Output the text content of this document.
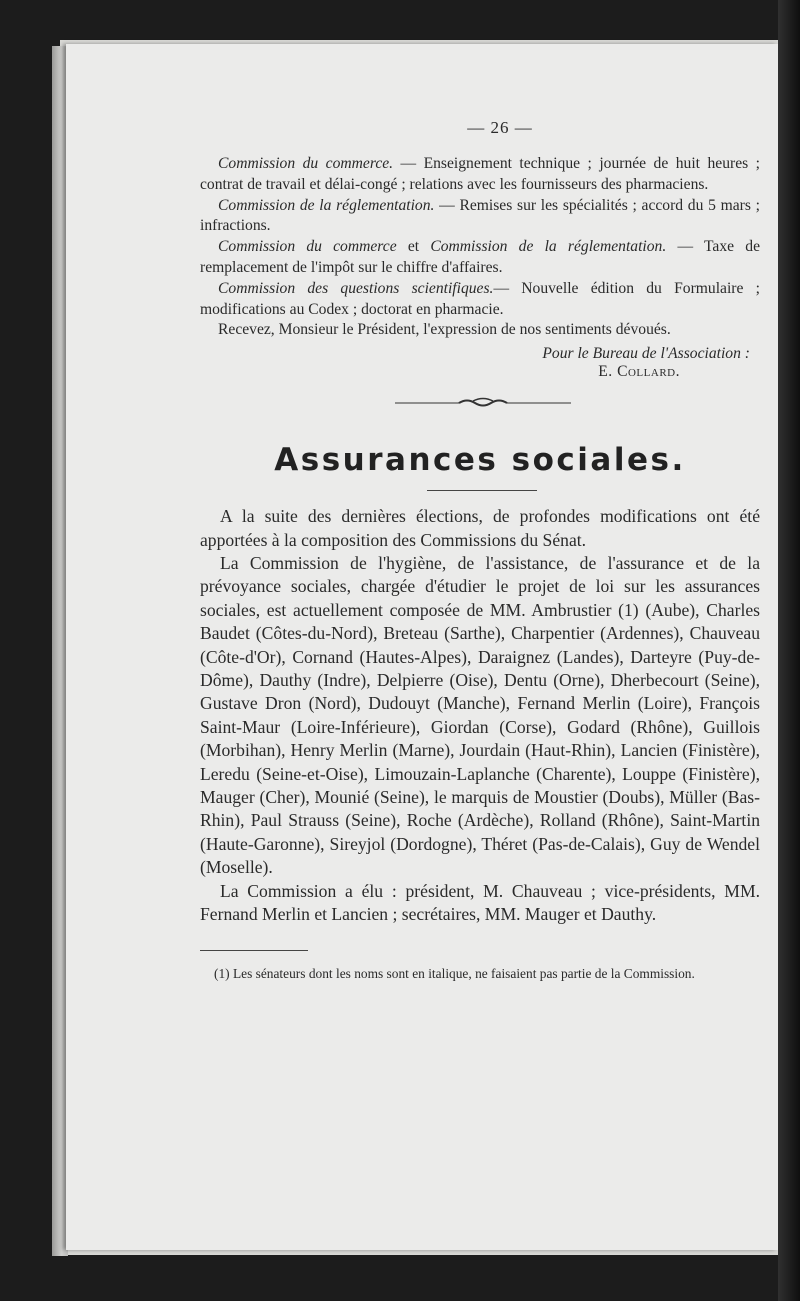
— 26 —

Commission du commerce. — Enseignement technique ; journée de huit heures ; contrat de travail et délai-congé ; relations avec les fournisseurs des pharmaciens.

Commission de la réglementation. — Remises sur les spécialités ; accord du 5 mars ; infractions.

Commission du commerce et Commission de la réglementation. — Taxe de remplacement de l'impôt sur le chiffre d'affaires.

Commission des questions scientifiques.— Nouvelle édition du Formulaire ; modifications au Codex ; doctorat en pharmacie.

Recevez, Monsieur le Président, l'expression de nos sentiments dévoués.

Pour le Bureau de l'Association :
E. Collard.
Assurances sociales.

A la suite des dernières élections, de profondes modifications ont été apportées à la composition des Commissions du Sénat.

La Commission de l'hygiène, de l'assistance, de l'assurance et de la prévoyance sociales, chargée d'étudier le projet de loi sur les assurances sociales, est actuellement composée de MM. Ambrustier (1) (Aube), Charles Baudet (Côtes-du-Nord), Breteau (Sarthe), Charpentier (Ardennes), Chauveau (Côte-d'Or), Cornand (Hautes-Alpes), Daraignez (Landes), Darteyre (Puy-de-Dôme), Dauthy (Indre), Delpierre (Oise), Dentu (Orne), Dherbecourt (Seine), Gustave Dron (Nord), Dudouyt (Manche), Fernand Merlin (Loire), François Saint-Maur (Loire-Inférieure), Giordan (Corse), Godard (Rhône), Guillois (Morbihan), Henry Merlin (Marne), Jourdain (Haut-Rhin), Lancien (Finistère), Leredu (Seine-et-Oise), Limouzain-Laplanche (Charente), Louppe (Finistère), Mauger (Cher), Mounié (Seine), le marquis de Moustier (Doubs), Müller (Bas-Rhin), Paul Strauss (Seine), Roche (Ardèche), Rolland (Rhône), Saint-Martin (Haute-Garonne), Sireyjol (Dordogne), Théret (Pas-de-Calais), Guy de Wendel (Moselle).

La Commission a élu : président, M. Chauveau ; vice-présidents, MM. Fernand Merlin et Lancien ; secrétaires, MM. Mauger et Dauthy.

(1) Les sénateurs dont les noms sont en italique, ne faisaient pas partie de la Commission.
